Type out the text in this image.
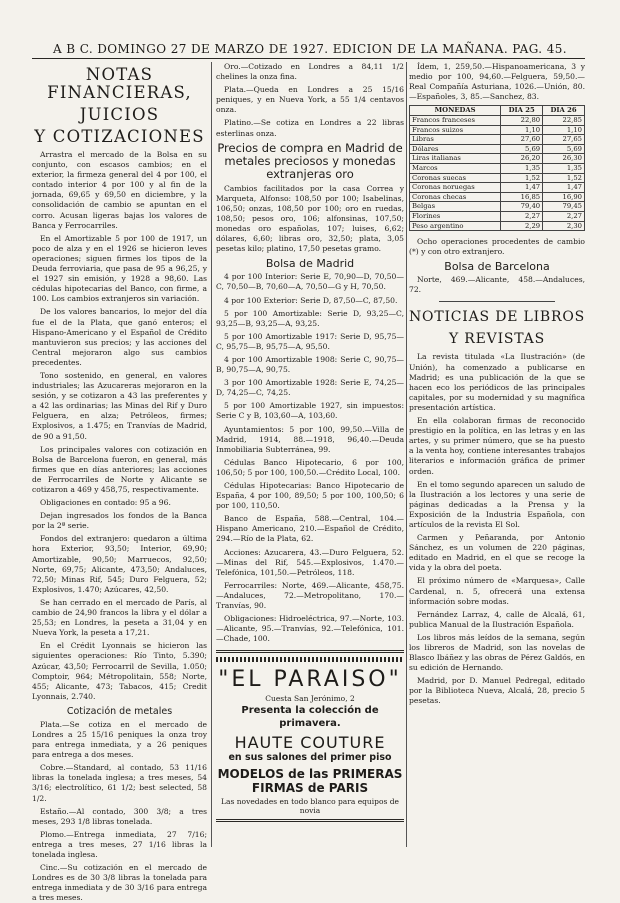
A B C. DOMINGO 27 DE MARZO DE 1927. EDICION DE LA MAÑANA. PAG. 45.
NOTAS FINANCIERAS,
JUICIOS
Y COTIZACIONES

Arrastra el mercado de la Bolsa en su conjunto, con escasos cambios; en el exterior, la firmeza general del 4 por 100, el contado interior 4 por 100 y al fin de la jornada, 69,65 y 69,50 en diciembre, y la consolidación de cambio se apuntan en el corro. Acusan ligeras bajas los valores de Banca y Ferrocarriles.

En el Amortizable 5 por 100 de 1917, un poco de alza y en el 1926 se hicieron leves operaciones; siguen firmes los tipos de la Deuda ferroviaria, que pasa de 95 a 96,25, y el 1927 sin emisión, y 1928 a 98,60. Las cédulas hipotecarias del Banco, con firme, a 100. Los cambios extranjeros sin variación.

De los valores bancarios, lo mejor del día fue el de la Plata, que ganó enteros; el Hispano-Americano y el Español de Crédito mantuvieron sus precios; y las acciones del Central mejoraron algo sus cambios precedentes.

Tono sostenido, en general, en valores industriales; las Azucareras mejoraron en la sesión, y se cotizaron a 43 las preferentes y a 42 las ordinarias; las Minas del Rif y Duro Felguera, en alza; Petróleos, firmes; Explosivos, a 1.475; en Tranvías de Madrid, de 90 a 91,50.

Los principales valores con cotización en Bolsa de Barcelona fueron, en general, más firmes que en días anteriores; las acciones de Ferrocarriles de Norte y Alicante se cotizaron a 469 y 458,75, respectivamente.

Obligaciones en contado: 95 a 96.

Dejan ingresados los fondos de la Banca por la 2ª serie.

Fondos del extranjero: quedaron a última hora Exterior, 93,50; Interior, 69,90; Amortizable, 90,50; Marruecos, 92,50; Norte, 69,75; Alicante, 473,50; Andaluces, 72,50; Minas Rif, 545; Duro Felguera, 52; Explosivos, 1.470; Azúcares, 42,50.

Se han cerrado en el mercado de París, al cambio de 24,90 francos la libra y el dólar a 25,53; en Londres, la peseta a 31,04 y en Nueva York, la peseta a 17,21.

En el Crédit Lyonnais se hicieron las siguientes operaciones: Río Tinto, 5.390; Azúcar, 43,50; Ferrocarril de Sevilla, 1.050; Comptoir, 964; Métropolitain, 558; Norte, 455; Alicante, 473; Tabacos, 415; Credit Lyonnais, 2.740.

Cotización de metales

Plata.—Se cotiza en el mercado de Londres a 25 15/16 peniques la onza troy para entrega inmediata, y a 26 peniques para entrega a dos meses.

Cobre.—Standard, al contado, 53 11/16 libras la tonelada inglesa; a tres meses, 54 3/16; electrolítico, 61 1/2; best selected, 58 1/2.

Estaño.—Al contado, 300 3/8; a tres meses, 293 1/8 libras tonelada.

Plomo.—Entrega inmediata, 27 7/16; entrega a tres meses, 27 1/16 libras la tonelada inglesa.

Cinc.—Su cotización en el mercado de Londres es de 30 3/8 libras la tonelada para entrega inmediata y de 30 3/16 para entrega a tres meses.

Oro.—Cotizado en Londres a 84,11 1/2 chelines la onza fina.

Plata.—Queda en Londres a 25 15/16 peniques, y en Nueva York, a 55 1/4 centavos onza.

Platino.—Se cotiza en Londres a 22 libras esterlinas onza.

Precios de compra en Madrid de metales preciosos y monedas extranjeras oro

Cambios facilitados por la casa Correa y Marqueta, Alfonso: 108,50 por 100; Isabelinas, 106,50; onzas, 108,50 por 100; oro en ruedas, 108,50; pesos oro, 106; alfonsinas, 107,50; monedas oro españolas, 107; luises, 6,62; dólares, 6,60; libras oro, 32,50; plata, 3,05 pesetas kilo; platino, 17,50 pesetas gramo.

Bolsa de Madrid

4 por 100 Interior: Serie E, 70,90—D, 70,50—C, 70,50—B, 70,60—A, 70,50—G y H, 70,50.

4 por 100 Exterior: Serie D, 87,50—C, 87,50.

5 por 100 Amortizable: Serie D, 93,25—C, 93,25—B, 93,25—A, 93,25.

5 por 100 Amortizable 1917: Serie D, 95,75—C, 95,75—B, 95,75—A, 95,50.

4 por 100 Amortizable 1908: Serie C, 90,75—B, 90,75—A, 90,75.

3 por 100 Amortizable 1928: Serie E, 74,25—D, 74,25—C, 74,25.

5 por 100 Amortizable 1927, sin impuestos: Serie C y B, 103,60—A, 103,60.

Ayuntamientos: 5 por 100, 99,50.—Villa de Madrid, 1914, 88.—1918, 96,40.—Deuda Inmobiliaria Subterránea, 99.

Cédulas Banco Hipotecario, 6 por 100, 106,50; 5 por 100, 100,50.—Crédito Local, 100.

Cédulas Hipotecarias: Banco Hipotecario de España, 4 por 100, 89,50; 5 por 100, 100,50; 6 por 100, 110,50.

Banco de España, 588.—Central, 104.—Hispano Americano, 210.—Español de Crédito, 294.—Río de la Plata, 62.

Acciones: Azucarera, 43.—Duro Felguera, 52.—Minas del Rif, 545.—Explosivos, 1.470.—Telefónica, 101,50.—Petróleos, 118.

Ferrocarriles: Norte, 469.—Alicante, 458,75.—Andaluces, 72.—Metropolitano, 170.—Tranvías, 90.

Obligaciones: Hidroeléctrica, 97.—Norte, 103.—Alicante, 95.—Tranvías, 92.—Telefónica, 101.—Chade, 100.

"EL PARAISO"
Cuesta San Jerónimo, 2
Presenta la colección de
primavera.
HAUTE COUTURE
en sus salones del primer piso
MODELOS de las PRIMERAS
FIRMAS de PARIS
Las novedades en todo blanco para equipos de novia

Ídem, 1, 259,50.—Hispanoamericana, 3 y medio por 100, 94,60.—Felguera, 59,50.—Real Compañía Asturiana, 1026.—Unión, 80.—Españoles, 3, 85.—Sanchez, 83.

MONEDAS	DIA 25	DIA 26
Francos franceses	22,80	22,85
Francos suizos	1,10	1,10
Libras	27,60	27,65
Dólares	5,69	5,69
Liras italianas	26,20	26,30
Marcos	1,35	1,35
Coronas suecas	1,52	1,52
Coronas noruegas	1,47	1,47
Coronas checas	16,85	16,90
Belgas	79,40	79,45
Florines	2,27	2,27
Peso argentino	2,29	2,30

Ocho operaciones procedentes de cambio (*) y con otro extranjero.

Bolsa de Barcelona

Norte, 469.—Alicante, 458.—Andaluces, 72.

NOTICIAS DE LIBROS
Y REVISTAS

La revista titulada «La Ilustración» (de Unión), ha comenzado a publicarse en Madrid; es una publicación de la que se hacen eco los periódicos de las principales capitales, por su modernidad y su magnífica presentación artística.

En ella colaboran firmas de reconocido prestigio en la política, en las letras y en las artes, y su primer número, que se ha puesto a la venta hoy, contiene interesantes trabajos literarios e información gráfica de primer orden.

En el tomo segundo aparecen un saludo de la Ilustración a los lectores y una serie de páginas dedicadas a la Prensa y la Exposición de la Industria Española, con artículos de la revista El Sol.

Carmen y Peñaranda, por Antonio Sánchez, es un volumen de 220 páginas, editado en Madrid, en el que se recoge la vida y la obra del poeta.

El próximo número de «Marquesa», Calle Cardenal, n. 5, ofrecerá una extensa información sobre modas.

Fernández Larraz, 4, calle de Alcalá, 61, publica Manual de la Ilustración Española.

Los libros más leídos de la semana, según los libreros de Madrid, son las novelas de Blasco Ibáñez y las obras de Pérez Galdós, en su edición de Hernando.

Madrid, por D. Manuel Pedregal, editado por la Biblioteca Nueva, Alcalá, 28, precio 5 pesetas.
